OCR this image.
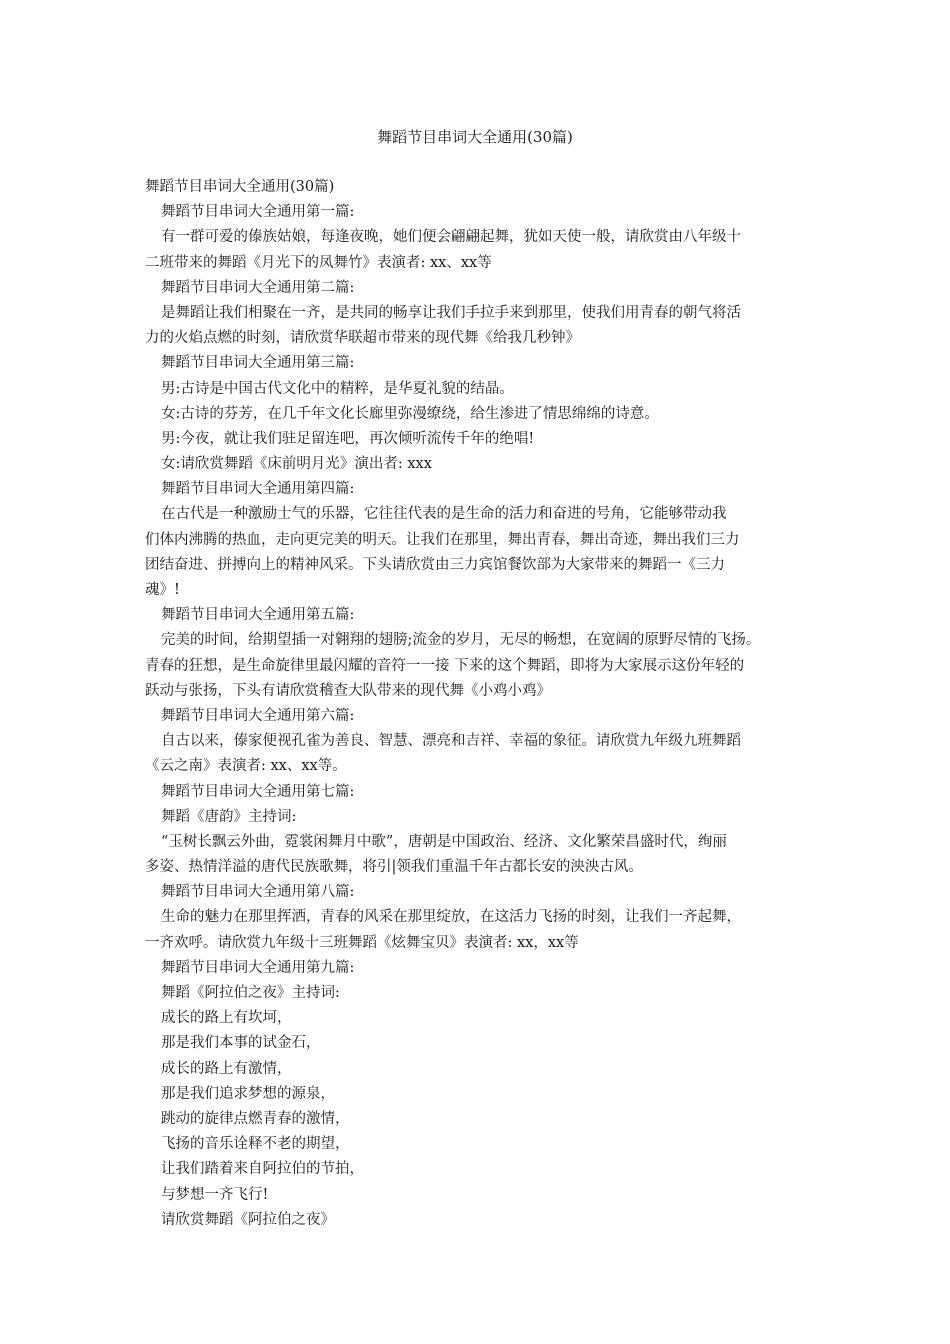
舞蹈节目串词大全通用(30篇)
舞蹈节目串词大全通用(30篇)
舞蹈节目串词大全通用第一篇:
有一群可爱的傣族姑娘，每逢夜晚，她们便会翩翩起舞，犹如天使一般，请欣赏由八年级十
二班带来的舞蹈《月光下的凤舞竹》表演者: xx、xx等
舞蹈节目串词大全通用第二篇:
是舞蹈让我们相聚在一齐，是共同的畅享让我们手拉手来到那里，使我们用青春的朝气将活
力的火焰点燃的时刻，请欣赏华联超市带来的现代舞《给我几秒钟》
舞蹈节目串词大全通用第三篇:
男:古诗是中国古代文化中的精粹，是华夏礼貌的结晶。
女:古诗的芬芳，在几千年文化长廊里弥漫缭绕，给生渗进了情思绵绵的诗意。
男:今夜，就让我们驻足留连吧，再次倾听流传千年的绝唱!
女:请欣赏舞蹈《床前明月光》演出者: xxx
舞蹈节目串词大全通用第四篇:
在古代是一种激励士气的乐器，它往往代表的是生命的活力和奋进的号角，它能够带动我
们体内沸腾的热血，走向更完美的明天。让我们在那里，舞出青春，舞出奇迹，舞出我们三力
团结奋进、拼搏向上的精神风采。下头请欣赏由三力宾馆餐饮部为大家带来的舞蹈一《三力
魂》!
舞蹈节目串词大全通用第五篇:
完美的时间，给期望插一对翱翔的翅膀;流金的岁月，无尽的畅想，在宽阔的原野尽情的飞扬。
青春的狂想，是生命旋律里最闪耀的音符一一接 下来的这个舞蹈，即将为大家展示这份年轻的
跃动与张扬，下头有请欣赏稽查大队带来的现代舞《小鸡小鸡》
舞蹈节目串词大全通用第六篇:
自古以来，傣家便视孔雀为善良、智慧、漂亮和吉祥、幸福的象征。请欣赏九年级九班舞蹈
《云之南》表演者: xx、xx等。
舞蹈节目串词大全通用第七篇:
舞蹈《唐韵》主持词:
“玉树长飘云外曲，霓裳闲舞月中歌”，唐朝是中国政治、经济、文化繁荣昌盛时代，绚丽
多姿、热情洋溢的唐代民族歌舞，将引|领我们重温千年古都长安的泱泱古风。
舞蹈节目串词大全通用第八篇:
生命的魅力在那里挥洒，青春的风采在那里绽放，在这活力飞扬的时刻，让我们一齐起舞，
一齐欢呼。请欣赏九年级十三班舞蹈《炫舞宝贝》表演者: xx，xx等
舞蹈节目串词大全通用第九篇:
舞蹈《阿拉伯之夜》主持词:
成长的路上有坎坷，
那是我们本事的试金石，
成长的路上有激情，
那是我们追求梦想的源泉，
跳动的旋律点燃青春的激情，
飞扬的音乐诠释不老的期望，
让我们踏着来自阿拉伯的节拍，
与梦想一齐飞行!
请欣赏舞蹈《阿拉伯之夜》
